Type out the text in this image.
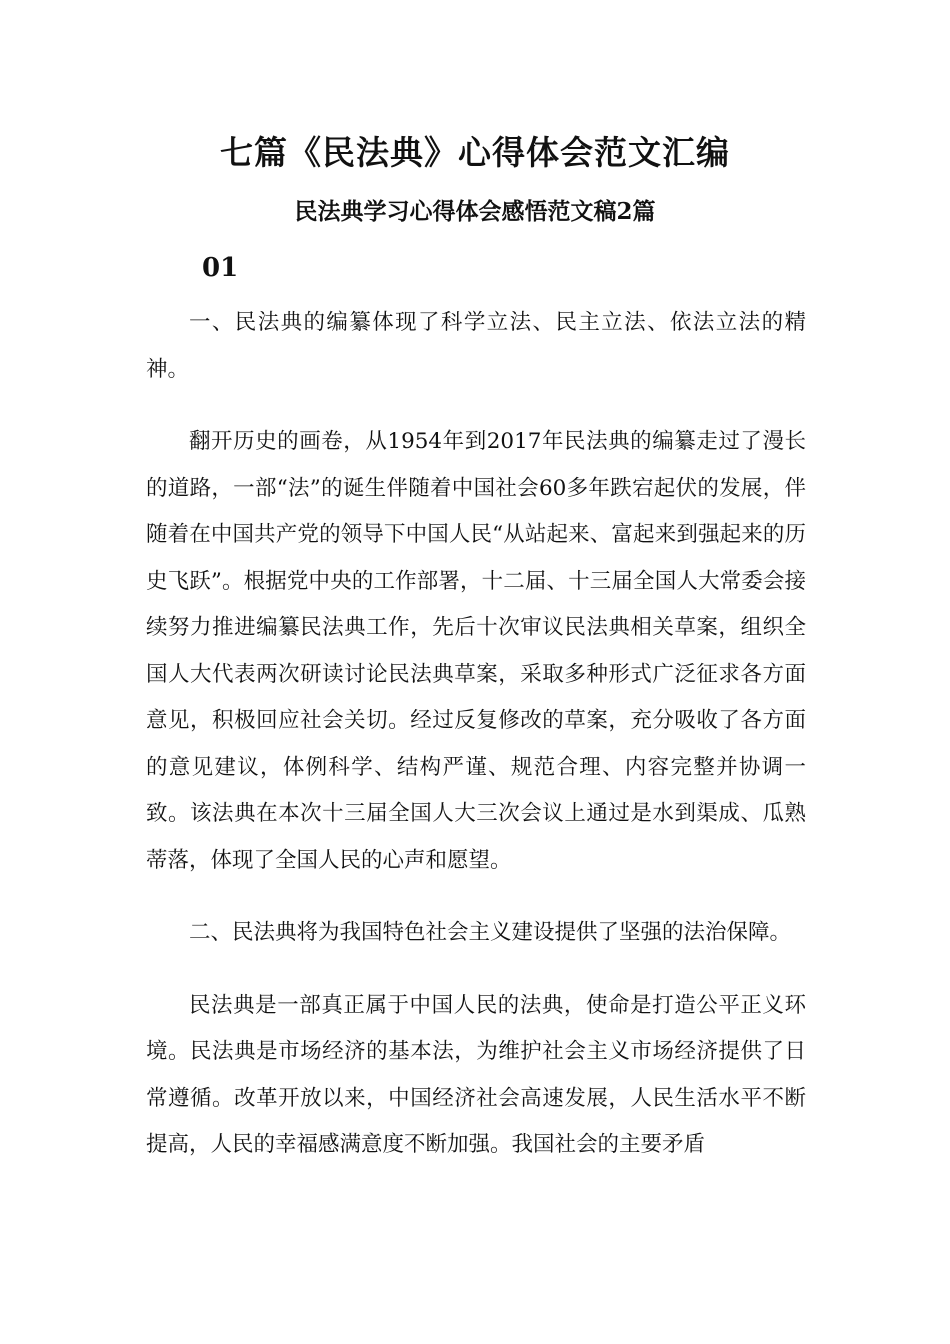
七篇《民法典》心得体会范文汇编
民法典学习心得体会感悟范文稿2篇
01

一、民法典的编纂体现了科学立法、民主立法、依法立法的精神。

翻开历史的画卷，从1954年到2017年民法典的编纂走过了漫长的道路，一部“法”的诞生伴随着中国社会60多年跌宕起伏的发展，伴随着在中国共产党的领导下中国人民“从站起来、富起来到强起来的历史飞跃”。根据党中央的工作部署，十二届、十三届全国人大常委会接续努力推进编纂民法典工作，先后十次审议民法典相关草案，组织全国人大代表两次研读讨论民法典草案，采取多种形式广泛征求各方面意见，积极回应社会关切。经过反复修改的草案，充分吸收了各方面的意见建议，体例科学、结构严谨、规范合理、内容完整并协调一致。该法典在本次十三届全国人大三次会议上通过是水到渠成、瓜熟蒂落，体现了全国人民的心声和愿望。

二、民法典将为我国特色社会主义建设提供了坚强的法治保障。

民法典是一部真正属于中国人民的法典，使命是打造公平正义环境。民法典是市场经济的基本法，为维护社会主义市场经济提供了日常遵循。改革开放以来，中国经济社会高速发展，人民生活水平不断提高，人民的幸福感满意度不断加强。我国社会的主要矛盾
